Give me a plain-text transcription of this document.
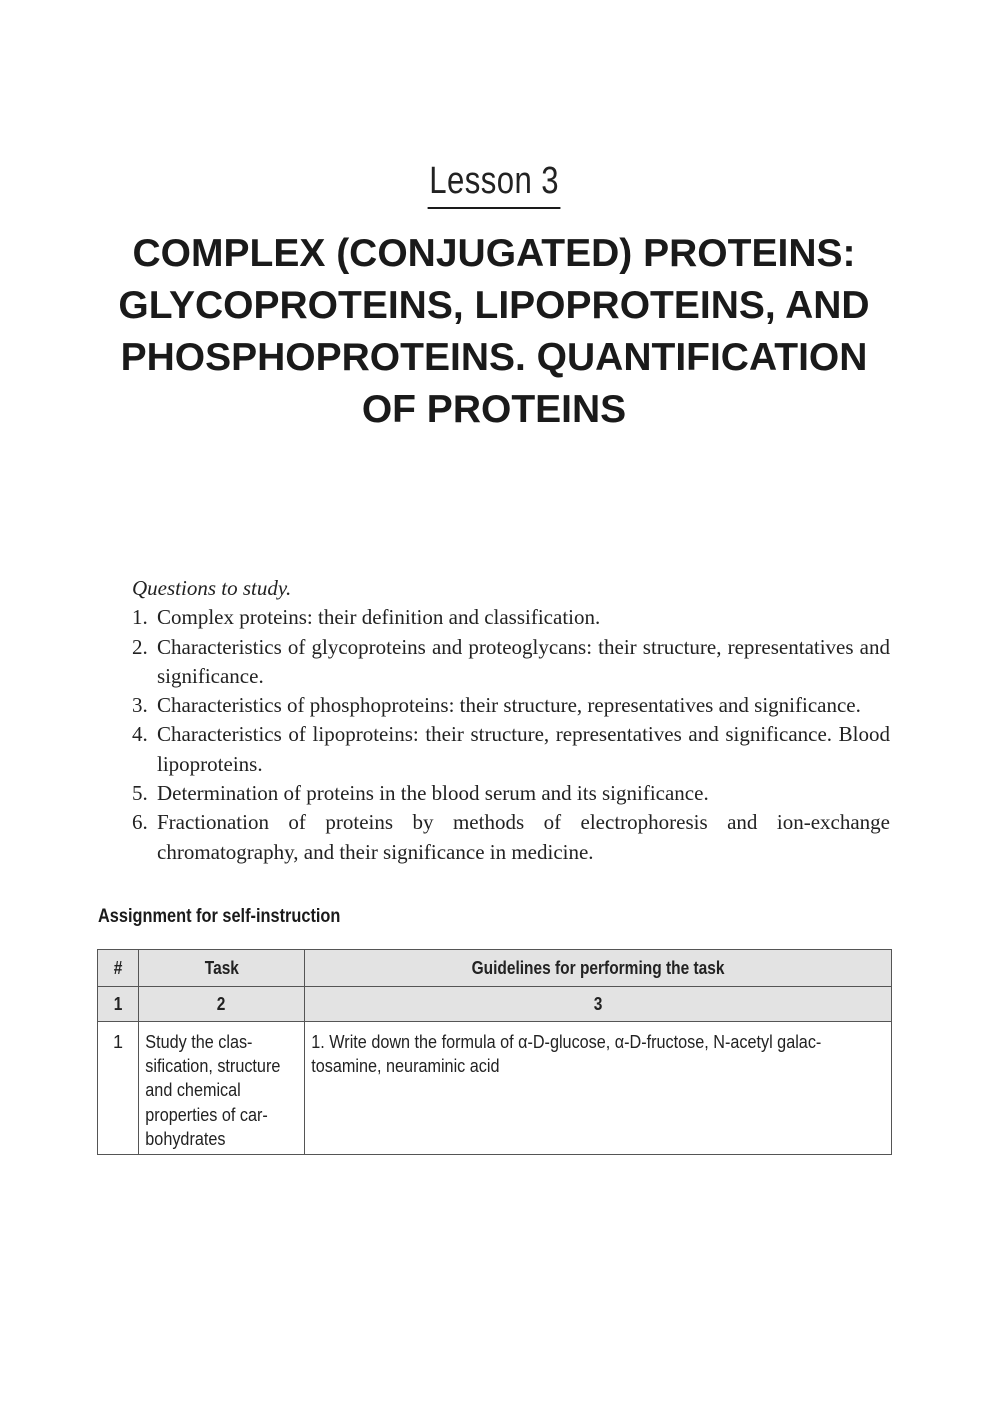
Lesson 3
COMPLEX (CONJUGATED) PROTEINS:
GLYCOPROTEINS, LIPOPROTEINS, AND
PHOSPHOPROTEINS. QUANTIFICATION
OF PROTEINS

Questions to study.

1. Complex proteins: their definition and classification.
2. Characteristics of glycoproteins and proteoglycans: their structure, representatives and significance.
3. Characteristics of phosphoproteins: their structure, representatives and significance.
4. Characteristics of lipoproteins: their structure, representatives and significance. Blood lipoproteins.
5. Determination of proteins in the blood serum and its significance.
6. Fractionation of proteins by methods of electrophoresis and ion-exchange chromatography, and their significance in medicine.
Assignment for self-instruction
#	Task	Guidelines for performing the task
1	2	3

1	Study the classification, structure and chemical properties of carbohydrates	1. Write down the formula of α-D-glucose, α-D-fructose, N-acetyl galactosamine, neuraminic acid
